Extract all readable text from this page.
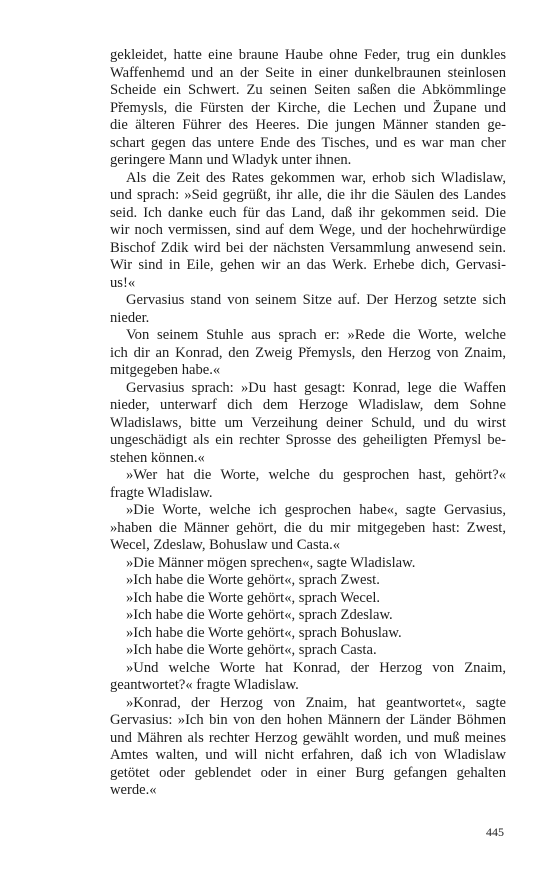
gekleidet, hatte eine braune Haube ohne Feder, trug ein dunkles
Waffenhemd und an der Seite in einer dunkelbraunen steinlosen
Scheide ein Schwert. Zu seinen Seiten saßen die Abkömmlinge
Přemysls, die Fürsten der Kirche, die Lechen und Županе und
die älteren Führer des Heeres. Die jungen Männer standen ge-
schart gegen das untere Ende des Tisches, und es war man cher
geringere Mann und Wladyk unter ihnen.
Als die Zeit des Rates gekommen war, erhob sich Wladislaw,
und sprach: »Seid gegrüßt, ihr alle, die ihr die Säulen des Landes
seid. Ich danke euch für das Land, daß ihr gekommen seid. Die
wir noch vermissen, sind auf dem Wege, und der hochehrwürdige
Bischof Zdik wird bei der nächsten Versammlung anwesend sein.
Wir sind in Eile, gehen wir an das Werk. Erhebe dich, Gervasi-
us!«
Gervasius stand von seinem Sitze auf. Der Herzog setzte sich
nieder.
Von seinem Stuhle aus sprach er: »Rede die Worte, welche
ich dir an Konrad, den Zweig Přemysls, den Herzog von Znaim,
mitgegeben habe.«
Gervasius sprach: »Du hast gesagt: Konrad, lege die Waffen
nieder, unterwarf dich dem Herzoge Wladislaw, dem Sohne
Wladislaws, bitte um Verzeihung deiner Schuld, und du wirst
ungeschädigt als ein rechter Sprosse des geheiligten Přemysl be-
stehen können.«
»Wer hat die Worte, welche du gesprochen hast, gehört?«
fragte Wladislaw.
»Die Worte, welche ich gesprochen habe«, sagte Gervasius,
»haben die Männer gehört, die du mir mitgegeben hast: Zwest,
Wecel, Zdeslaw, Bohuslaw und Casta.«
»Die Männer mögen sprechen«, sagte Wladislaw.
»Ich habe die Worte gehört«, sprach Zwest.
»Ich habe die Worte gehört«, sprach Wecel.
»Ich habe die Worte gehört«, sprach Zdeslaw.
»Ich habe die Worte gehört«, sprach Bohuslaw.
»Ich habe die Worte gehört«, sprach Casta.
»Und welche Worte hat Konrad, der Herzog von Znaim,
geantwortet?« fragte Wladislaw.
»Konrad, der Herzog von Znaim, hat geantwortet«, sagte
Gervasius: »Ich bin von den hohen Männern der Länder Böhmen
und Mähren als rechter Herzog gewählt worden, und muß meines
Amtes walten, und will nicht erfahren, daß ich von Wladislaw
getötet oder geblendet oder in einer Burg gefangen gehalten
werde.«
445
